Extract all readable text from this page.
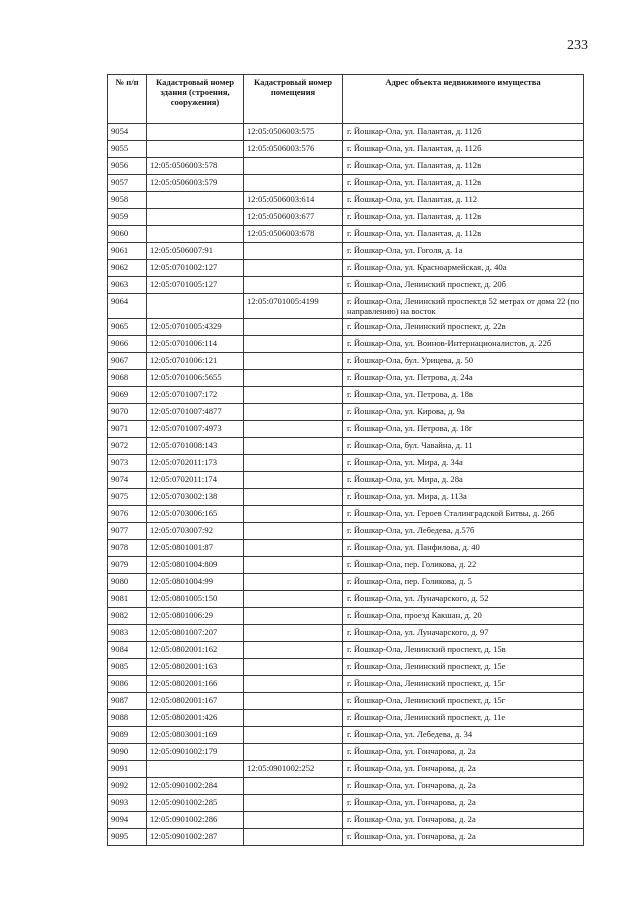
233
№ п/п	Кадастровый номер здания (строения, сооружения)	Кадастровый номер помещения	Адрес объекта недвижимого имущества
9054		12:05:0506003:575	г. Йошкар-Ола, ул. Палантая, д. 112б
9055		12:05:0506003:576	г. Йошкар-Ола, ул. Палантая, д. 112б
9056	12:05:0506003:578		г. Йошкар-Ола, ул. Палантая, д. 112в
9057	12:05:0506003:579		г. Йошкар-Ола, ул. Палантая, д. 112в
9058		12:05:0506003:614	г. Йошкар-Ола, ул. Палантая, д. 112
9059		12:05:0506003:677	г. Йошкар-Ола, ул. Палантая, д. 112в
9060		12:05:0506003:678	г. Йошкар-Ола, ул. Палантая, д. 112в
9061	12:05:0506007:91		г. Йошкар-Ола, ул. Гоголя, д. 1а
9062	12:05:0701002:127		г. Йошкар-Ола, ул. Красноармейская, д. 40а
9063	12:05:0701005:127		г. Йошкар-Ола, Ленинский проспект, д. 20б
9064		12:05:0701005:4199	г. Йошкар-Ола, Ленинский проспект,в 52 метрах от дома 22 (по направлению) на восток
9065	12:05:0701005:4329		г. Йошкар-Ола, Ленинский проспект, д. 22в
9066	12:05:0701006:114		г. Йошкар-Ола, ул. Воинов-Интернационалистов, д. 22б
9067	12:05:0701006:121		г. Йошкар-Ола, бул. Урицева, д. 50
9068	12:05:0701006:5655		г. Йошкар-Ола, ул. Петрова, д. 24а
9069	12:05:0701007:172		г. Йошкар-Ола, ул. Петрова, д. 18в
9070	12:05:0701007:4877		г. Йошкар-Ола, ул. Кирова, д. 9а
9071	12:05:0701007:4973		г. Йошкар-Ола, ул. Петрова, д. 18г
9072	12:05:0701008:143		г. Йошкар-Ола, бул. Чавайна, д. 11
9073	12:05:0702011:173		г. Йошкар-Ола, ул. Мира, д. 34а
9074	12:05:0702011:174		г. Йошкар-Ола, ул. Мира, д. 28а
9075	12:05:0703002:138		г. Йошкар-Ола, ул. Мира, д. 113а
9076	12:05:0703006:165		г. Йошкар-Ола, ул. Героев Сталинградской Битвы, д. 26б
9077	12:05:0703007:92		г. Йошкар-Ола, ул. Лебедева, д.57б
9078	12:05:0801001:87		г. Йошкар-Ола, ул. Панфилова, д. 40
9079	12:05:0801004:809		г. Йошкар-Ола, пер. Голикова, д. 22
9080	12:05:0801004:99		г. Йошкар-Ола, пер. Голикова, д. 5
9081	12:05:0801005:150		г. Йошкар-Ола, ул. Луначарского, д. 52
9082	12:05:0801006:29		г. Йошкар-Ола, проезд Какшан, д. 20
9083	12:05:0801007:207		г. Йошкар-Ола, ул. Луначарского, д. 97
9084	12:05:0802001:162		г. Йошкар-Ола, Ленинский проспект, д. 15в
9085	12:05:0802001:163		г. Йошкар-Ола, Ленинский проспект, д. 15е
9086	12:05:0802001:166		г. Йошкар-Ола, Ленинский проспект, д. 15г
9087	12:05:0802001:167		г. Йошкар-Ола, Ленинский проспект, д. 15г
9088	12:05:0802001:426		г. Йошкар-Ола, Ленинский проспект, д. 11е
9089	12:05:0803001:169		г. Йошкар-Ола, ул. Лебедева, д. 34
9090	12:05:0901002:179		г. Йошкар-Ола, ул. Гончарова, д. 2а
9091		12:05:0901002:252	г. Йошкар-Ола, ул. Гончарова, д. 2а
9092	12:05:0901002:284		г. Йошкар-Ола, ул. Гончарова, д. 2а
9093	12:05:0901002:285		г. Йошкар-Ола, ул. Гончарова, д. 2а
9094	12:05:0901002:286		г. Йошкар-Ола, ул. Гончарова, д. 2а
9095	12:05:0901002:287		г. Йошкар-Ола, ул. Гончарова, д. 2а
